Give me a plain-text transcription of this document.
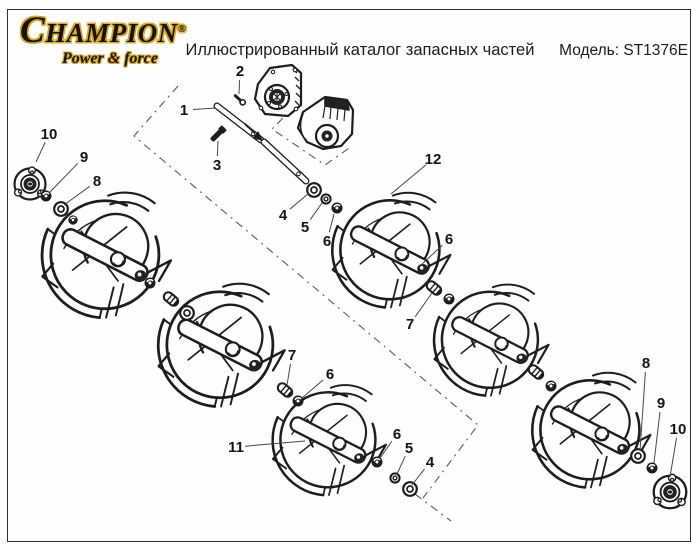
CHAMPION®
Power & force	Иллюстрированный каталог запасных частей	Модель: ST1376E
1
2
3
4
5
6
12
6
7
7
6
11
6
5
4
8
9
10
10
9
8
